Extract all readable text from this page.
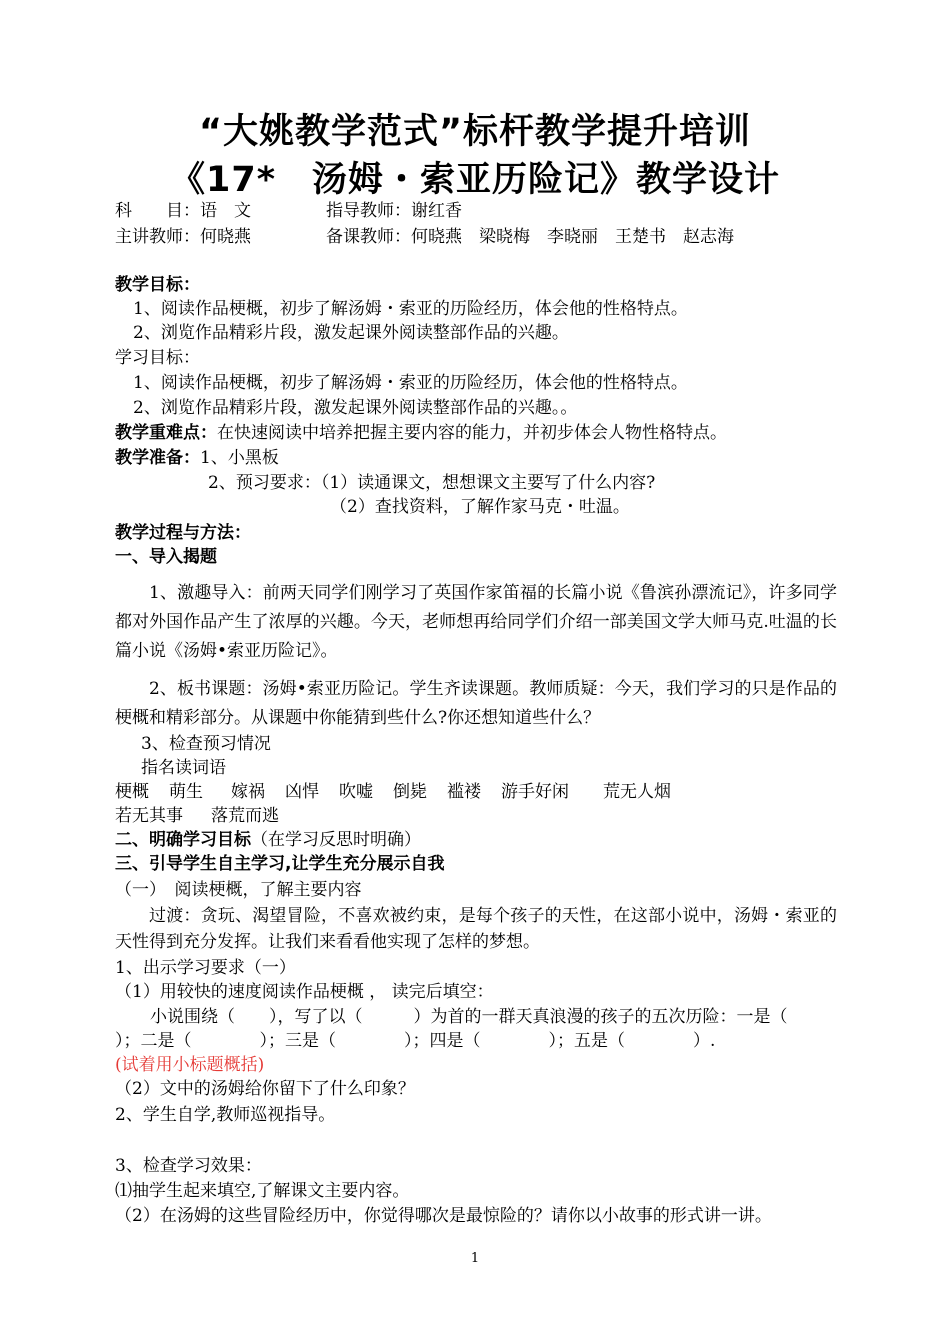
“大姚教学范式”标杆教学提升培训
《17*　汤姆・索亚历险记》教学设计
科　　目：语　文	指导教师：谢红香
主讲教师：何晓燕	备课教师：何晓燕 梁晓梅 李晓丽 王楚书 赵志海
教学目标：
1、阅读作品梗概，初步了解汤姆・索亚的历险经历，体会他的性格特点。
2、浏览作品精彩片段，激发起课外阅读整部作品的兴趣。
学习目标：
1、阅读作品梗概，初步了解汤姆・索亚的历险经历，体会他的性格特点。
2、浏览作品精彩片段，激发起课外阅读整部作品的兴趣。。
教学重难点：在快速阅读中培养把握主要内容的能力，并初步体会人物性格特点。
教学准备：1、小黑板
2、预习要求：（1）读通课文，想想课文主要写了什么内容?
（2）查找资料，了解作家马克・吐温。
教学过程与方法：
一、导入揭题
1、激趣导入：前两天同学们刚学习了英国作家笛福的长篇小说《鲁滨孙漂流记》，许多同学都对外国作品产生了浓厚的兴趣。今天，老师想再给同学们介绍一部美国文学大师马克.吐温的长篇小说《汤姆•索亚历险记》。
2、板书课题：汤姆•索亚历险记。学生齐读课题。教师质疑：今天，我们学习的只是作品的梗概和精彩部分。从课题中你能猜到些什么?你还想知道些什么？
3、检查预习情况
指名读词语
梗概 萌生 嫁祸 凶悍 吹嘘 倒毙 褴褛 游手好闲 荒无人烟
若无其事 落荒而逃
二、明确学习目标（在学习反思时明确）
三、引导学生自主学习,让学生充分展示自我
（一）　阅读梗概，了解主要内容
过渡：贪玩、渴望冒险，不喜欢被约束，是每个孩子的天性，在这部小说中，汤姆・索亚的天性得到充分发挥。让我们来看看他实现了怎样的梦想。
1、出示学习要求（一）
（1）用较快的速度阅读作品梗概 ， 读完后填空：
小说围绕（　　），写了以（　　　）为首的一群天真浪漫的孩子的五次历险：一是（
）；二是（　　　　）；三是（　　　　）；四是（　　　　）；五是（　　　　）.
(试着用小标题概括)
（2）文中的汤姆给你留下了什么印象？
2、学生自学,教师巡视指导。
3、检查学习效果：
⑴抽学生起来填空,了解课文主要内容。
（2）在汤姆的这些冒险经历中，你觉得哪次是最惊险的？请你以小故事的形式讲一讲。
1
